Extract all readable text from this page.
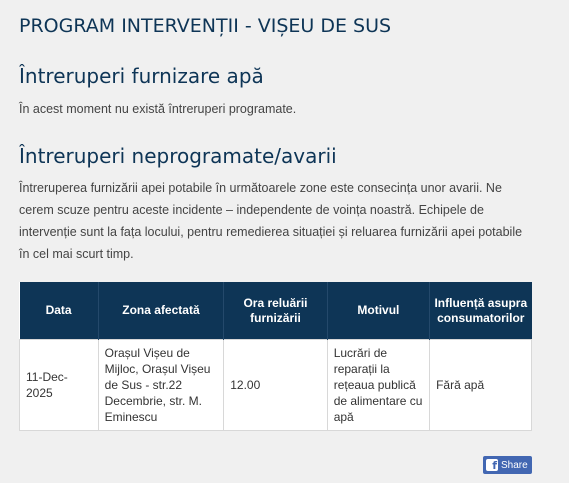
PROGRAM INTERVENȚII - VIȘEU DE SUS
Întreruperi furnizare apă
În acest moment nu există întreruperi programate.
Întreruperi neprogramate/avarii
Întreruperea furnizării apei potabile în următoarele zone este consecința unor avarii. Ne cerem scuze pentru aceste incidente – independente de voința noastră. Echipele de intervenție sunt la fața locului, pentru remedierea situației și reluarea furnizării apei potabile în cel mai scurt timp.
Data	Zona afectată	Ora reluării furnizării	Motivul	Influență asupra consumatorilor
11-Dec-2025	Orașul Vișeu de Mijloc, Orașul Vișeu de Sus - str.22 Decembrie, str. M. Eminescu	12.00	Lucrări de reparații la rețeaua publică de alimentare cu apă	Fără apă
f Share
